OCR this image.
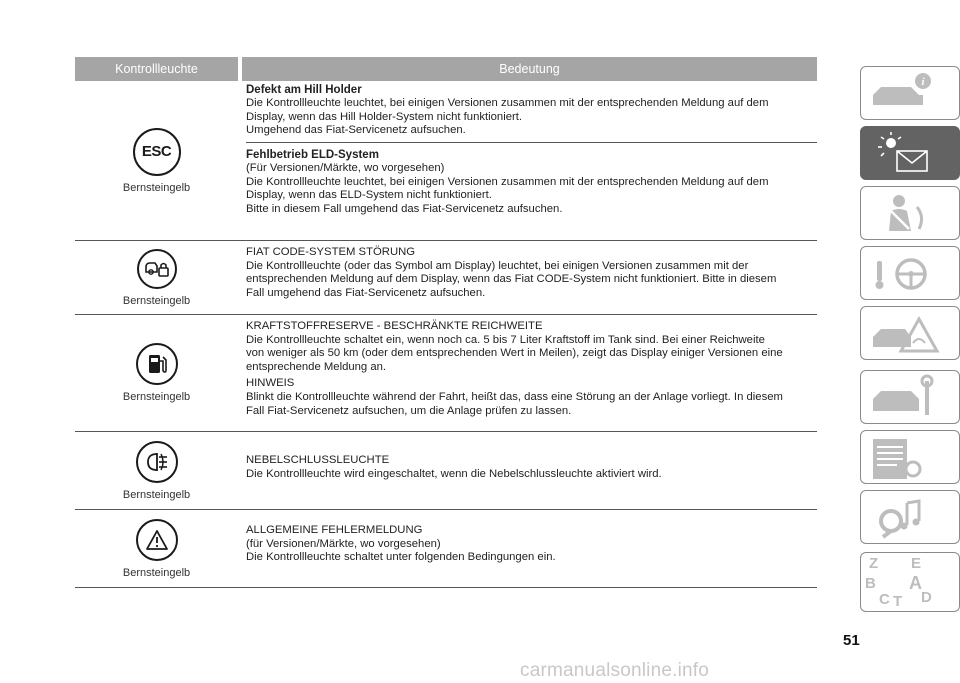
Kontrollleuchte	Bedeutung
ESC
Bernsteingelb

Defekt am Hill Holder

Die Kontrollleuchte leuchtet, bei einigen Versionen zusammen mit der entsprechenden Meldung auf dem

Display, wenn das Hill Holder-System nicht funktioniert.

Umgehend das Fiat-Servicenetz aufsuchen.

Fehlbetrieb ELD-System

(Für Versionen/Märkte, wo vorgesehen)

Die Kontrollleuchte leuchtet, bei einigen Versionen zusammen mit der entsprechenden Meldung auf dem

Display, wenn das ELD-System nicht funktioniert.

Bitte in diesem Fall umgehend das Fiat-Servicenetz aufsuchen.

Bernsteingelb

FIAT CODE-SYSTEM STÖRUNG

Die Kontrollleuchte (oder das Symbol am Display) leuchtet, bei einigen Versionen zusammen mit der

entsprechenden Meldung auf dem Display, wenn das Fiat CODE-System nicht funktioniert. Bitte in diesem

Fall umgehend das Fiat-Servicenetz aufsuchen.

Bernsteingelb

KRAFTSTOFFRESERVE - BESCHRÄNKTE REICHWEITE

Die Kontrollleuchte schaltet ein, wenn noch ca. 5 bis 7 Liter Kraftstoff im Tank sind. Bei einer Reichweite

von weniger als 50 km (oder dem entsprechenden Wert in Meilen), zeigt das Display einiger Versionen eine

entsprechende Meldung an.

HINWEIS

Blinkt die Kontrollleuchte während der Fahrt, heißt das, dass eine Störung an der Anlage vorliegt. In diesem

Fall Fiat-Servicenetz aufsuchen, um die Anlage prüfen zu lassen.

Bernsteingelb

NEBELSCHLUSSLEUCHTE

Die Kontrollleuchte wird eingeschaltet, wenn die Nebelschlussleuchte aktiviert wird.

Bernsteingelb

ALLGEMEINE FEHLERMELDUNG

(für Versionen/Märkte, wo vorgesehen)

Die Kontrollleuchte schaltet unter folgenden Bedingungen ein.

i
Z E
B A
C T D
51
carmanualsonline.info
